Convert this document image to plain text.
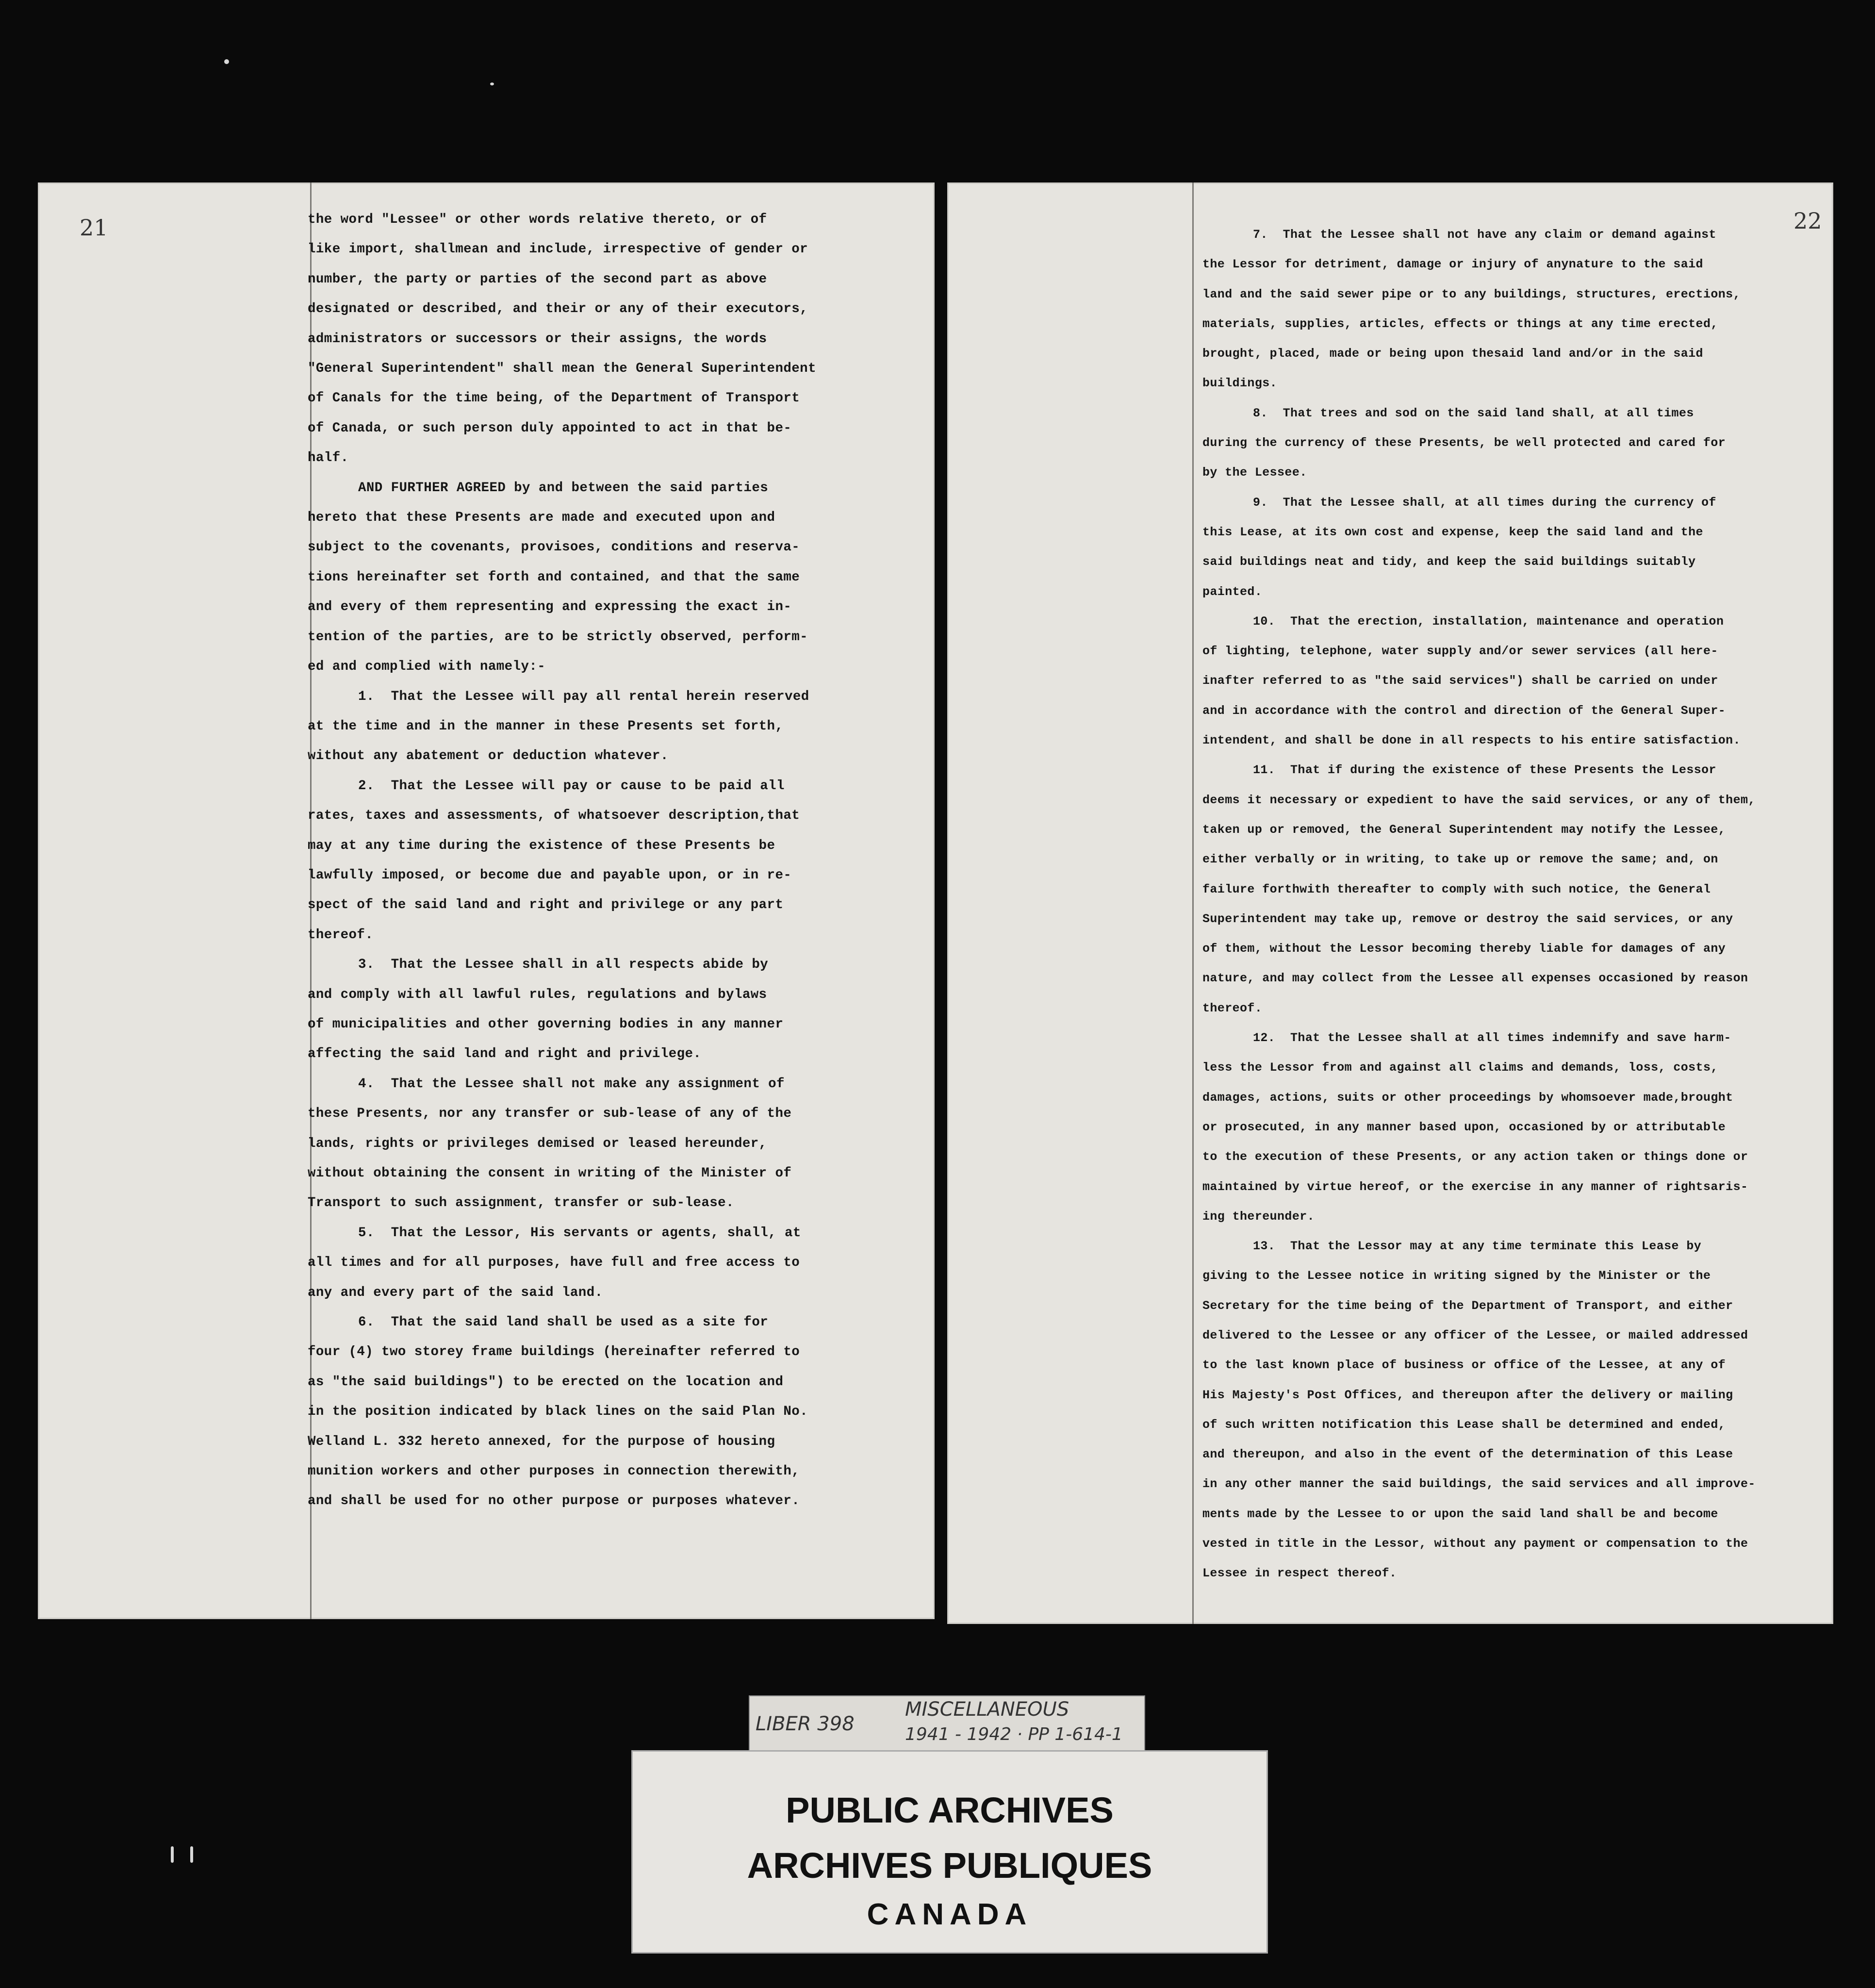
21	the word "Lessee" or other words relative thereto, or of

like import, shallmean and include, irrespective of gender or

number, the party or parties of the second part as above

designated or described, and their or any of their executors,

administrators or successors or their assigns, the words

"General Superintendent" shall mean the General Superintendent

of Canals for the time being, of the Department of Transport

of Canada, or such person duly appointed to act in that be-

half.

AND FURTHER AGREED by and between the said parties

hereto that these Presents are made and executed upon and

subject to the covenants, provisoes, conditions and reserva-

tions hereinafter set forth and contained, and that the same

and every of them representing and expressing the exact in-

tention of the parties, are to be strictly observed, perform-

ed and complied with namely:-

1.  That the Lessee will pay all rental herein reserved

at the time and in the manner in these Presents set forth,

without any abatement or deduction whatever.

2.  That the Lessee will pay or cause to be paid all

rates, taxes and assessments, of whatsoever description,that

may at any time during the existence of these Presents be

lawfully imposed, or become due and payable upon, or in re-

spect of the said land and right and privilege or any part

thereof.

3.  That the Lessee shall in all respects abide by

and comply with all lawful rules, regulations and bylaws

of municipalities and other governing bodies in any manner

affecting the said land and right and privilege.

4.  That the Lessee shall not make any assignment of

these Presents, nor any transfer or sub-lease of any of the

lands, rights or privileges demised or leased hereunder,

without obtaining the consent in writing of the Minister of

Transport to such assignment, transfer or sub-lease.

5.  That the Lessor, His servants or agents, shall, at

all times and for all purposes, have full and free access to

any and every part of the said land.

6.  That the said land shall be used as a site for

four (4) two storey frame buildings (hereinafter referred to

as "the said buildings") to be erected on the location and

in the position indicated by black lines on the said Plan No.

Welland L. 332 hereto annexed, for the purpose of housing

munition workers and other purposes in connection therewith,

and shall be used for no other purpose or purposes whatever.

22

7.  That the Lessee shall not have any claim or demand against

the Lessor for detriment, damage or injury of anynature to the said

land and the said sewer pipe or to any buildings, structures, erections,

materials, supplies, articles, effects or things at any time erected,

brought, placed, made or being upon thesaid land and/or in the said

buildings.

8.  That trees and sod on the said land shall, at all times

during the currency of these Presents, be well protected and cared for

by the Lessee.

9.  That the Lessee shall, at all times during the currency of

this Lease, at its own cost and expense, keep the said land and the

said buildings neat and tidy, and keep the said buildings suitably

painted.

10.  That the erection, installation, maintenance and operation

of lighting, telephone, water supply and/or sewer services (all here-

inafter referred to as "the said services") shall be carried on under

and in accordance with the control and direction of the General Super-

intendent, and shall be done in all respects to his entire satisfaction.

11.  That if during the existence of these Presents the Lessor

deems it necessary or expedient to have the said services, or any of them,

taken up or removed, the General Superintendent may notify the Lessee,

either verbally or in writing, to take up or remove the same; and, on

failure forthwith thereafter to comply with such notice, the General

Superintendent may take up, remove or destroy the said services, or any

of them, without the Lessor becoming thereby liable for damages of any

nature, and may collect from the Lessee all expenses occasioned by reason

thereof.

12.  That the Lessee shall at all times indemnify and save harm-

less the Lessor from and against all claims and demands, loss, costs,

damages, actions, suits or other proceedings by whomsoever made,brought

or prosecuted, in any manner based upon, occasioned by or attributable

to the execution of these Presents, or any action taken or things done or

maintained by virtue hereof, or the exercise in any manner of rightsaris-

ing thereunder.

13.  That the Lessor may at any time terminate this Lease by

giving to the Lessee notice in writing signed by the Minister or the

Secretary for the time being of the Department of Transport, and either

delivered to the Lessee or any officer of the Lessee, or mailed addressed

to the last known place of business or office of the Lessee, at any of

His Majesty's Post Offices, and thereupon after the delivery or mailing

of such written notification this Lease shall be determined and ended,

and thereupon, and also in the event of the determination of this Lease

in any other manner the said buildings, the said services and all improve-

ments made by the Lessee to or upon the said land shall be and become

vested in title in the Lessor, without any payment or compensation to the

Lessee in respect thereof.

LIBER 398
MISCELLANEOUS
1941 - 1942 · PP 1-614-1
PUBLIC ARCHIVES
ARCHIVES PUBLIQUES
CANADA
